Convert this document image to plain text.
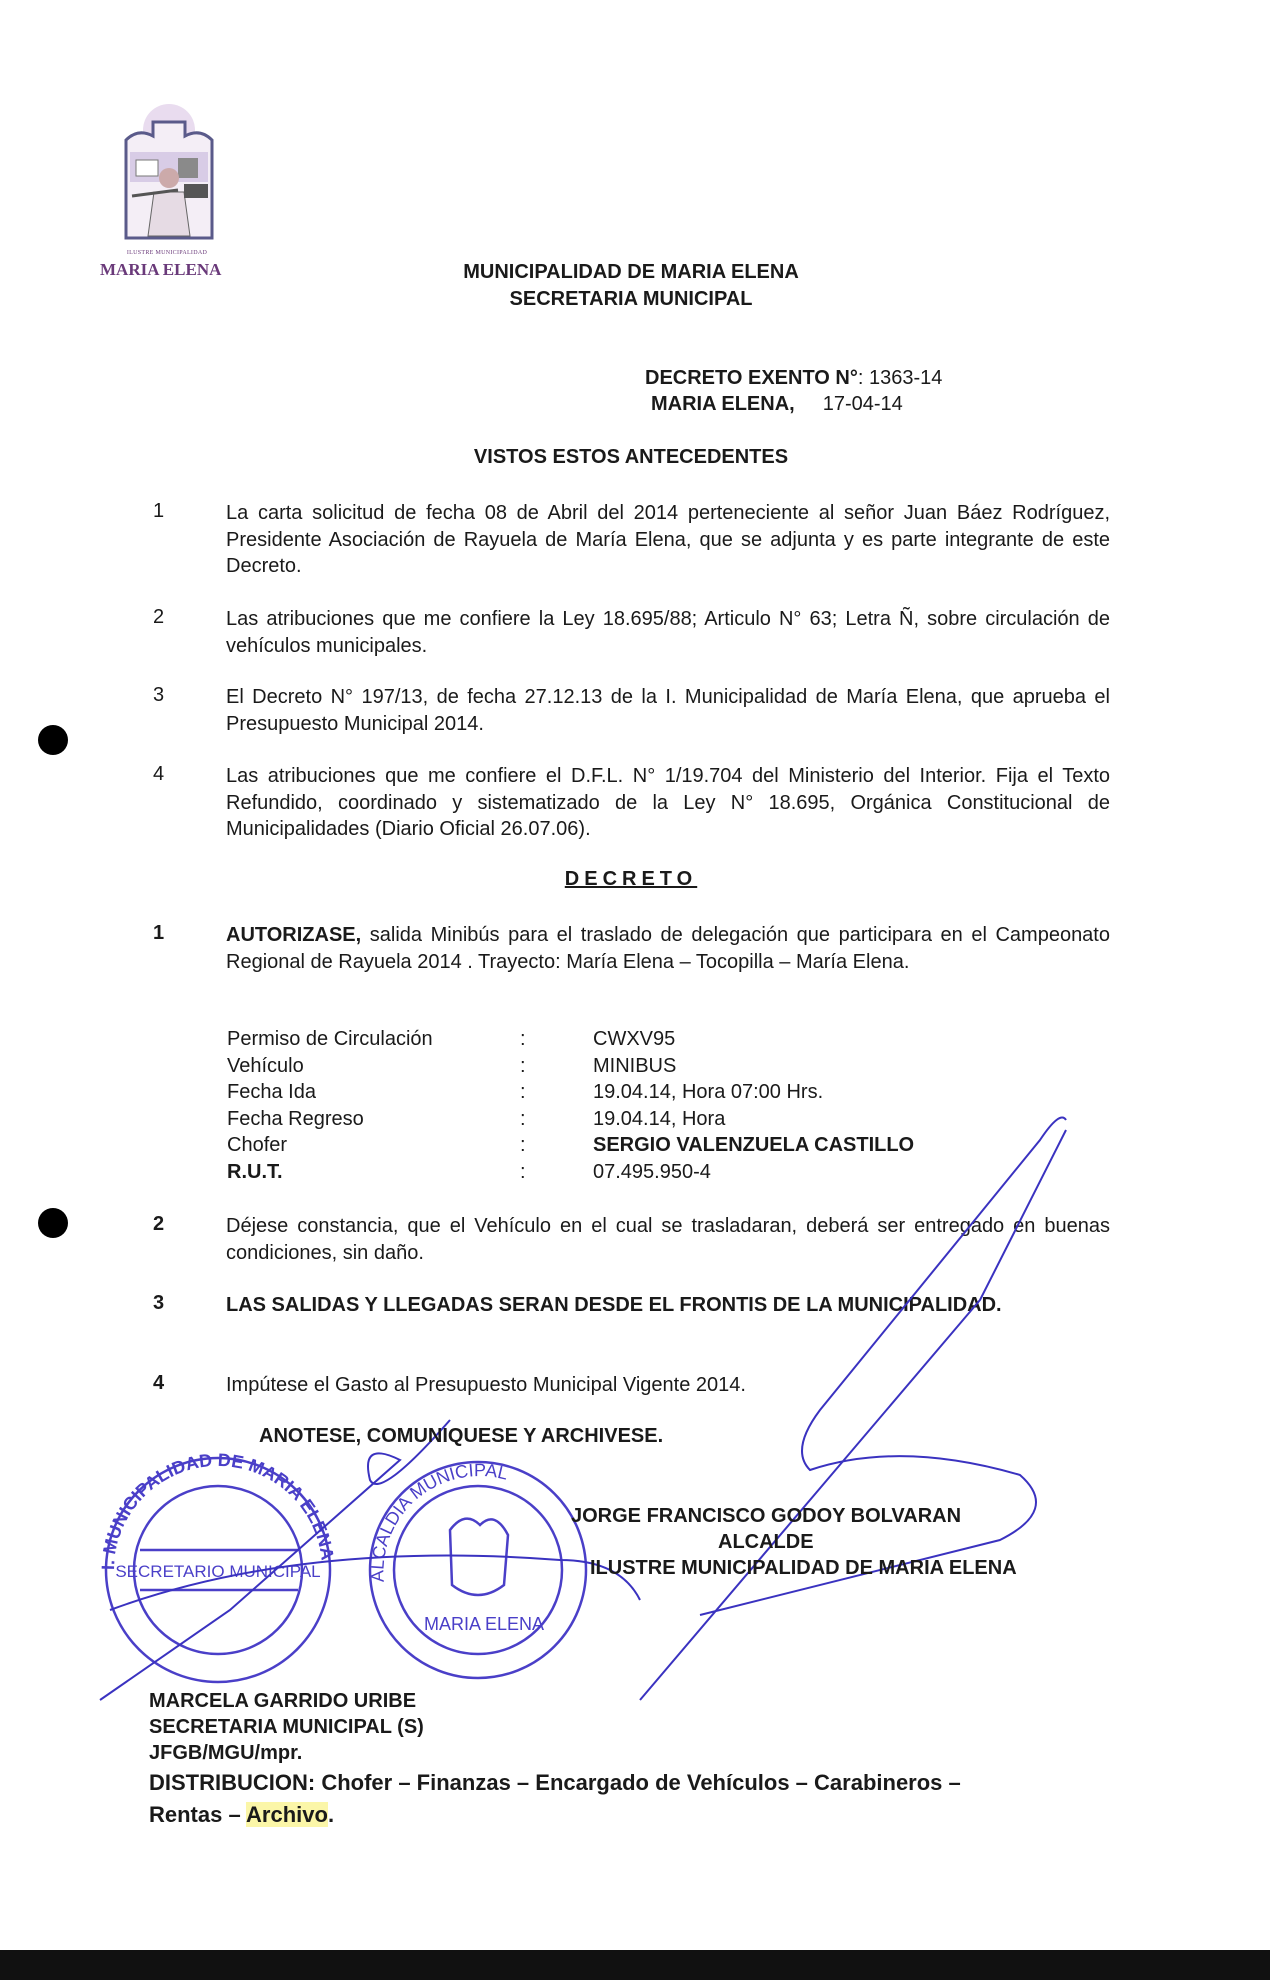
ILUSTRE MUNICIPALIDAD
MARIA ELENA	MUNICIPALIDAD DE MARIA ELENA
SECRETARIA MUNICIPAL
DECRETO EXENTO N°: 1363-14
MARIA ELENA, 17-04-14
VISTOS ESTOS ANTECEDENTES
1	La carta solicitud de fecha 08 de Abril del 2014 perteneciente al señor Juan Báez Rodríguez, Presidente Asociación de Rayuela de María Elena, que se adjunta y es parte integrante de este Decreto.
2	Las atribuciones que me confiere la Ley 18.695/88; Articulo N° 63; Letra Ñ, sobre circulación de vehículos municipales.
3	El Decreto N° 197/13, de fecha 27.12.13 de la I. Municipalidad de María Elena, que aprueba el Presupuesto Municipal 2014.
4	Las atribuciones que me confiere el D.F.L. N° 1/19.704 del Ministerio del Interior. Fija el Texto Refundido, coordinado y sistematizado de la Ley N° 18.695, Orgánica Constitucional de Municipalidades (Diario Oficial 26.07.06).
DECRETO
1	AUTORIZASE, salida Minibús para el traslado de delegación que participara en el Campeonato Regional de Rayuela 2014 . Trayecto: María Elena – Tocopilla – María Elena.
Permiso de Circulación	:	CWXV95
Vehículo	:	MINIBUS
Fecha Ida	:	19.04.14, Hora 07:00 Hrs.
Fecha Regreso	:	19.04.14, Hora
Chofer	:	SERGIO VALENZUELA CASTILLO
R.U.T.	:	07.495.950-4
2	Déjese constancia, que el Vehículo en el cual se trasladaran, deberá ser entregado en buenas condiciones, sin daño.
3	LAS SALIDAS Y LLEGADAS SERAN DESDE EL FRONTIS DE LA MUNICIPALIDAD.
4	Impútese el Gasto al Presupuesto Municipal Vigente 2014.
I. MUNICIPALIDAD DE MARIA ELENA
SECRETARIO MUNICIPAL	ALCALDIA MUNICIPAL
MARIA ELENA
ANOTESE, COMUNIQUESE Y ARCHIVESE.
JORGE FRANCISCO GODOY BOLVARAN
ALCALDE
ILUSTRE MUNICIPALIDAD DE MARIA ELENA
MARCELA GARRIDO URIBE
SECRETARIA MUNICIPAL (S)
JFGB/MGU/mpr.
DISTRIBUCION: Chofer – Finanzas – Encargado de Vehículos – Carabineros –
Rentas – Archivo.
